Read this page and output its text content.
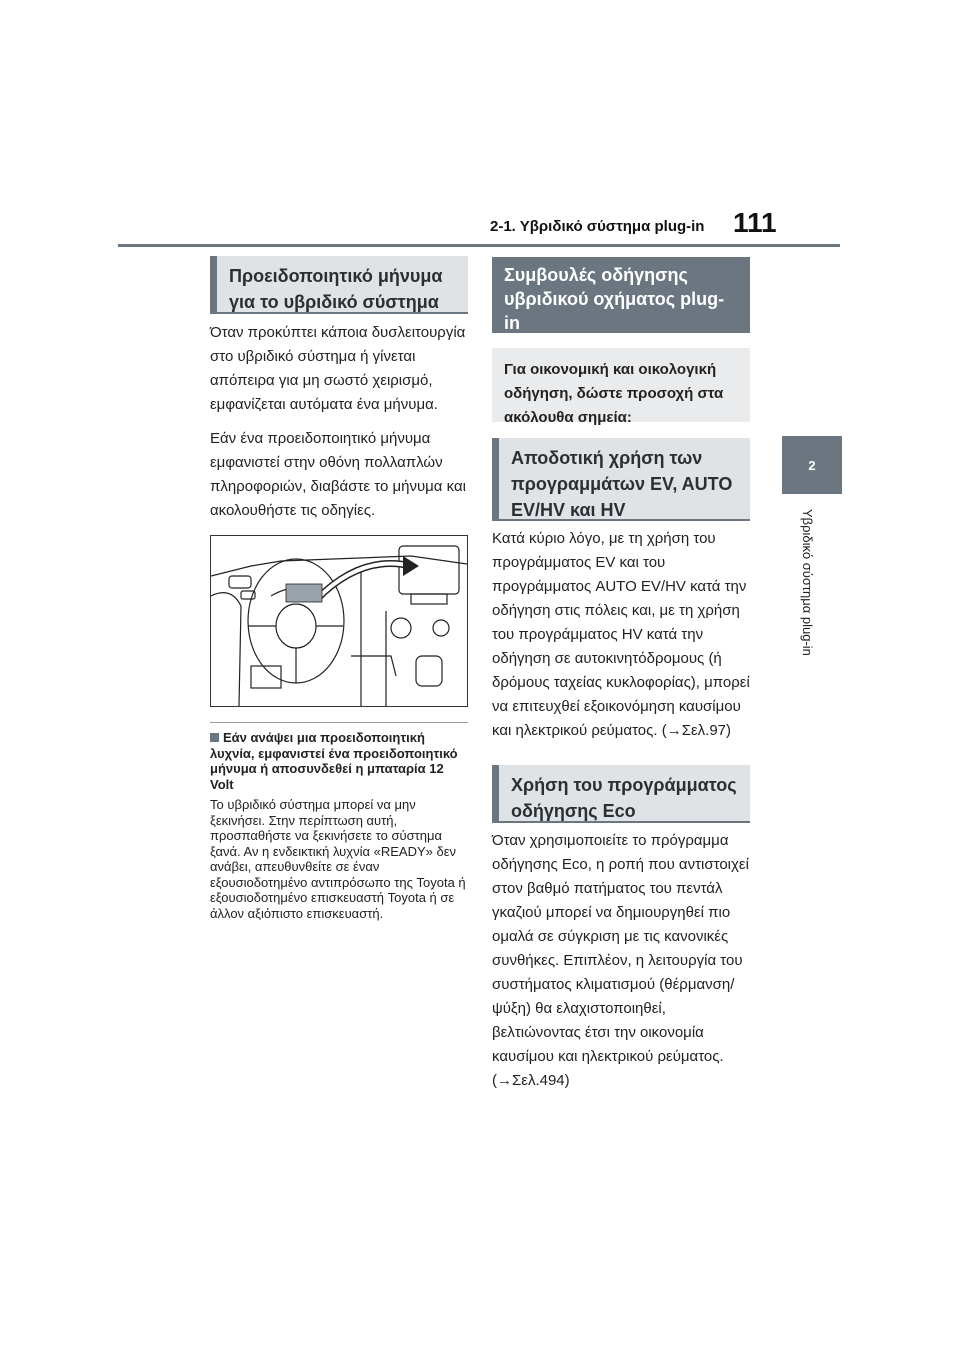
2-1. Υβριδικό σύστημα plug-in 111
2
Υβριδικό σύστημα plug-in
Προειδοποιητικό μήνυμα για το υβριδικό σύστημα

Όταν προκύπτει κάποια δυσλειτουργία στο υβριδικό σύστημα ή γίνεται απόπειρα για μη σωστό χειρισμό, εμφανίζεται αυτόματα ένα μήνυμα.

Εάν ένα προειδοποιητικό μήνυμα εμφανιστεί στην οθόνη πολλαπλών πληροφοριών, διαβάστε το μήνυμα και ακολουθήστε τις οδηγίες.

Εάν ανάψει μια προειδοποιητική λυχνία, εμφανιστεί ένα προειδοποιητικό μήνυμα ή αποσυνδεθεί η μπαταρία 12 Volt
Το υβριδικό σύστημα μπορεί να μην ξεκινήσει. Στην περίπτωση αυτή, προσπαθήστε να ξεκινήσετε το σύστημα ξανά. Αν η ενδεικτική λυχνία «READY» δεν ανάβει, απευθυνθείτε σε έναν εξουσιοδοτημένο αντιπρόσωπο της Toyota ή εξουσιοδοτημένο επισκευαστή Toyota ή σε άλλον αξιόπιστο επισκευαστή.
Συμβουλές οδήγησης υβριδικού οχήματος plug-in
Για οικονομική και οικολογική οδήγηση, δώστε προσοχή στα ακόλουθα σημεία:
Αποδοτική χρήση των προγραμμάτων EV, AUTO EV/HV και HV
Κατά κύριο λόγο, με τη χρήση του προγράμματος EV και του προγράμματος AUTO EV/HV κατά την οδήγηση στις πόλεις και, με τη χρήση του προγράμματος HV κατά την οδήγηση σε αυτοκινητόδρομους (ή δρόμους ταχείας κυκλοφορίας), μπορεί να επιτευχθεί εξοικονόμηση καυσίμου και ηλεκτρικού ρεύματος. (→Σελ.97)
Χρήση του προγράμματος οδήγησης Eco
Όταν χρησιμοποιείτε το πρόγραμμα οδήγησης Eco, η ροπή που αντιστοιχεί στον βαθμό πατήματος του πεντάλ γκαζιού μπορεί να δημιουργηθεί πιο ομαλά σε σύγκριση με τις κανονικές συνθήκες. Επιπλέον, η λειτουργία του συστήματος κλιματισμού (θέρμανση/ψύξη) θα ελαχιστοποιηθεί, βελτιώνοντας έτσι την οικονομία καυσίμου και ηλεκτρικού ρεύματος. (→Σελ.494)
